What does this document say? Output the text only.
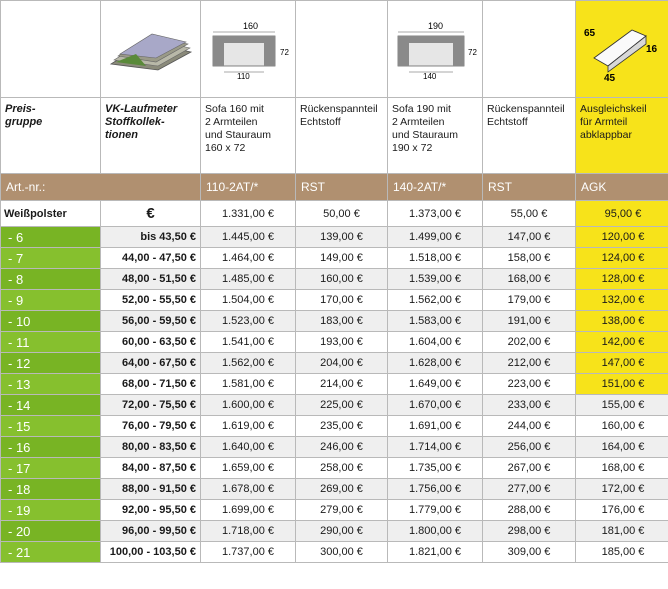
160
72
110		190
72
140		65
16
45

Preis-
gruppe	VK-Laufmeter
Stoffkollek-
tionen	Sofa 160 mit
2 Armteilen
und Stauraum
160 x 72	Rückenspannteil
Echtstoff	Sofa 190 mit
2 Armteilen
und Stauraum
190 x 72	Rückenspannteil
Echtstoff	Ausgleichskeil
für Armteil
abklappbar
Art.-nr.:		110-2AT/*	RST	140-2AT/*	RST	AGK
Weißpolster	€	1.331,00 €	50,00 €	1.373,00 €	55,00 €	95,00 €
- 6	bis 43,50 €	1.445,00 €	139,00 €	1.499,00 €	147,00 €	120,00 €
- 7	44,00 - 47,50 €	1.464,00 €	149,00 €	1.518,00 €	158,00 €	124,00 €
- 8	48,00 - 51,50 €	1.485,00 €	160,00 €	1.539,00 €	168,00 €	128,00 €
- 9	52,00 - 55,50 €	1.504,00 €	170,00 €	1.562,00 €	179,00 €	132,00 €
- 10	56,00 - 59,50 €	1.523,00 €	183,00 €	1.583,00 €	191,00 €	138,00 €
- 11	60,00 - 63,50 €	1.541,00 €	193,00 €	1.604,00 €	202,00 €	142,00 €
- 12	64,00 - 67,50 €	1.562,00 €	204,00 €	1.628,00 €	212,00 €	147,00 €
- 13	68,00 - 71,50 €	1.581,00 €	214,00 €	1.649,00 €	223,00 €	151,00 €
- 14	72,00 - 75,50 €	1.600,00 €	225,00 €	1.670,00 €	233,00 €	155,00 €
- 15	76,00 - 79,50 €	1.619,00 €	235,00 €	1.691,00 €	244,00 €	160,00 €
- 16	80,00 - 83,50 €	1.640,00 €	246,00 €	1.714,00 €	256,00 €	164,00 €
- 17	84,00 - 87,50 €	1.659,00 €	258,00 €	1.735,00 €	267,00 €	168,00 €
- 18	88,00 - 91,50 €	1.678,00 €	269,00 €	1.756,00 €	277,00 €	172,00 €
- 19	92,00 - 95,50 €	1.699,00 €	279,00 €	1.779,00 €	288,00 €	176,00 €
- 20	96,00 - 99,50 €	1.718,00 €	290,00 €	1.800,00 €	298,00 €	181,00 €
- 21	100,00 - 103,50 €	1.737,00 €	300,00 €	1.821,00 €	309,00 €	185,00 €
